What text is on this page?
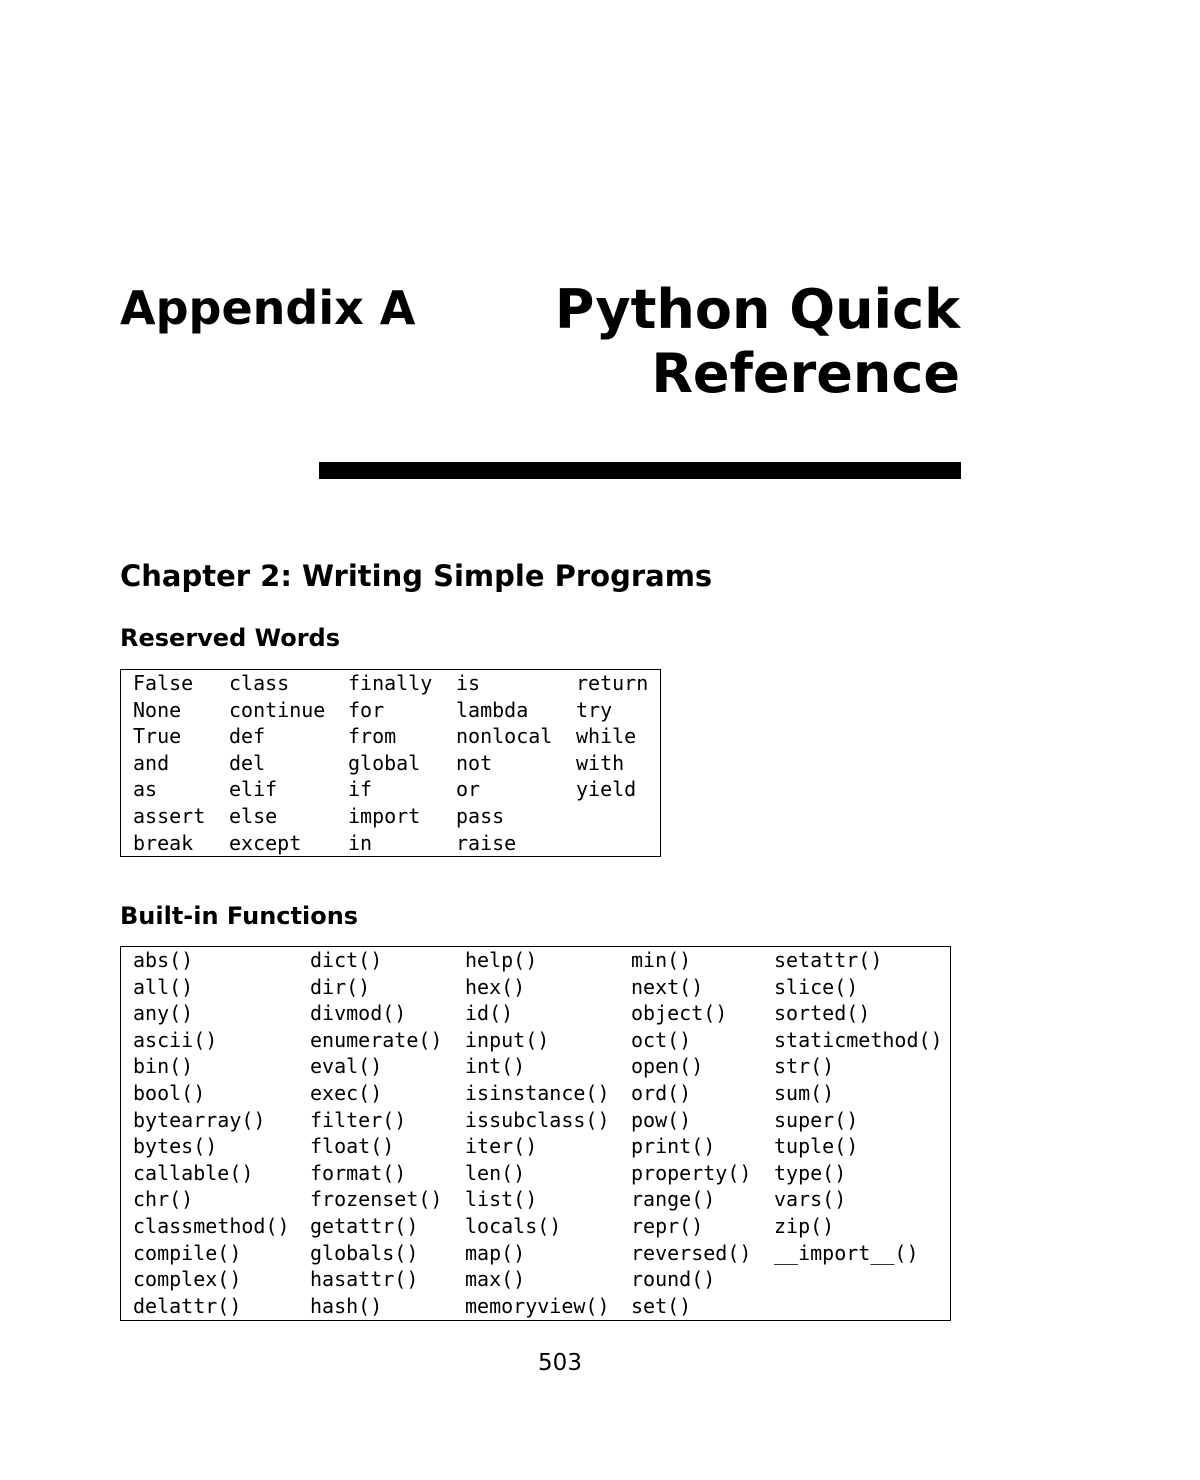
Appendix A	Python Quick
Reference
Chapter 2: Writing Simple Programs
Reserved Words
False
None
True
and
as
assert
break
class
continue
def
del
elif
else
except
finally
for
from
global
if
import
in
is
lambda
nonlocal
not
or
pass
raise
return
try
while
with
yield
Built-in Functions
abs()
all()
any()
ascii()
bin()
bool()
bytearray()
bytes()
callable()
chr()
classmethod()
compile()
complex()
delattr()
dict()
dir()
divmod()
enumerate()
eval()
exec()
filter()
float()
format()
frozenset()
getattr()
globals()
hasattr()
hash()
help()
hex()
id()
input()
int()
isinstance()
issubclass()
iter()
len()
list()
locals()
map()
max()
memoryview()
min()
next()
object()
oct()
open()
ord()
pow()
print()
property()
range()
repr()
reversed()
round()
set()
setattr()
slice()
sorted()
staticmethod()
str()
sum()
super()
tuple()
type()
vars()
zip()
__import__()
503
